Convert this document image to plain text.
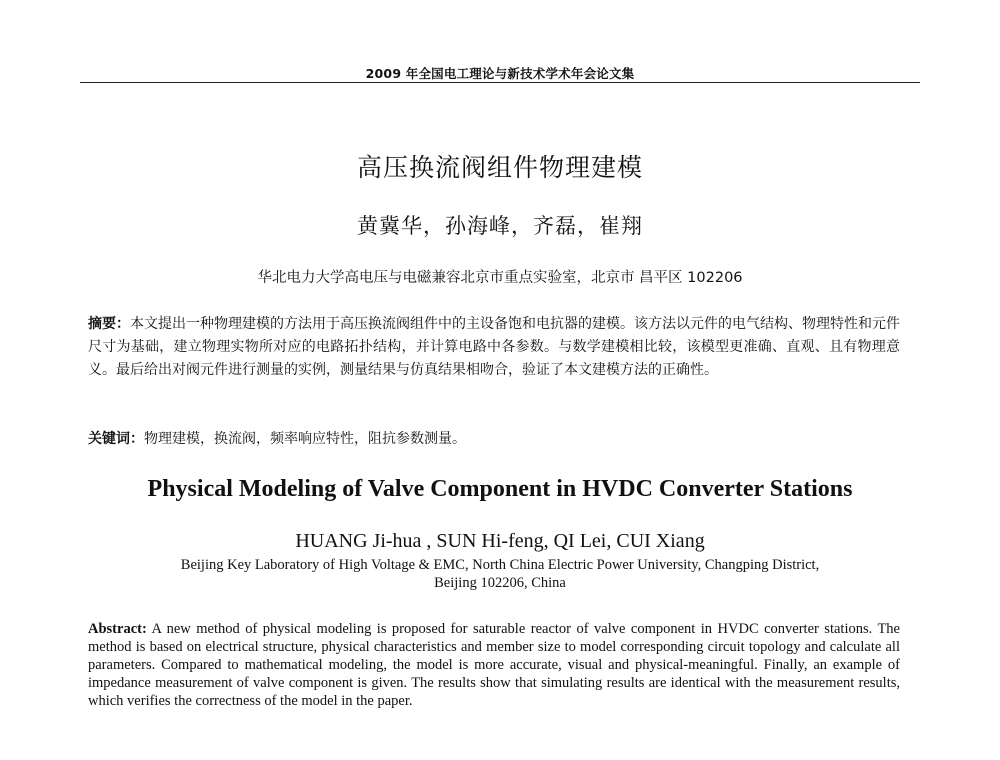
2009 年全国电工理论与新技术学术年会论文集
高压换流阀组件物理建模
黄冀华，孙海峰，齐磊，崔翔
华北电力大学高电压与电磁兼容北京市重点实验室，北京市 昌平区 102206
摘要：本文提出一种物理建模的方法用于高压换流阀组件中的主设备饱和电抗器的建模。该方法以元件的电气结构、物理特性和元件尺寸为基础，建立物理实物所对应的电路拓扑结构，并计算电路中各参数。与数学建模相比较，该模型更准确、直观、且有物理意义。最后给出对阀元件进行测量的实例，测量结果与仿真结果相吻合，验证了本文建模方法的正确性。
关键词：物理建模，换流阀，频率响应特性，阻抗参数测量。
Physical Modeling of Valve Component in HVDC Converter Stations
HUANG Ji-hua , SUN Hi-feng, QI Lei, CUI Xiang
Beijing Key Laboratory of High Voltage & EMC, North China Electric Power University, Changping District,
Beijing 102206, China
Abstract: A new method of physical modeling is proposed for saturable reactor of valve component in HVDC converter stations. The method is based on electrical structure, physical characteristics and member size to model corresponding circuit topology and calculate all parameters. Compared to mathematical modeling, the model is more accurate, visual and physical-meaningful. Finally, an example of impedance measurement of valve component is given. The results show that simulating results are identical with the measurement results, which verifies the correctness of the model in the paper.
